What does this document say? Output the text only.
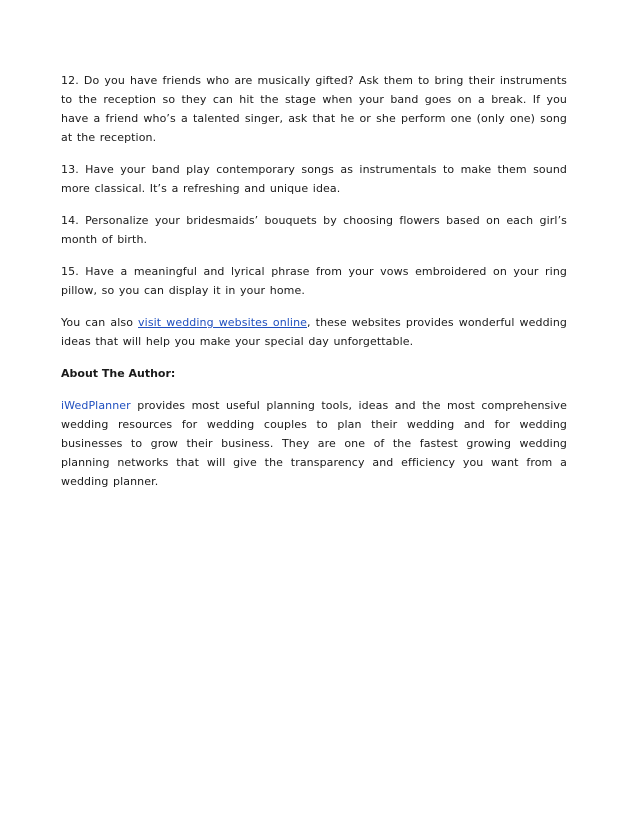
12. Do you have friends who are musically gifted? Ask them to bring their instruments to the reception so they can hit the stage when your band goes on a break. If you have a friend who’s a talented singer, ask that he or she perform one (only one) song at the reception.

13. Have your band play contemporary songs as instrumentals to make them sound more classical. It’s a refreshing and unique idea.

14. Personalize your bridesmaids’ bouquets by choosing flowers based on each girl’s month of birth.

15. Have a meaningful and lyrical phrase from your vows embroidered on your ring pillow, so you can display it in your home.

You can also visit wedding websites online, these websites provides wonderful wedding ideas that will help you make your special day unforgettable.

About The Author:

iWedPlanner provides most useful planning tools, ideas and the most comprehensive wedding resources for wedding couples to plan their wedding and for wedding businesses to grow their business. They are one of the fastest growing wedding planning networks that will give the transparency and efficiency you want from a wedding planner.
